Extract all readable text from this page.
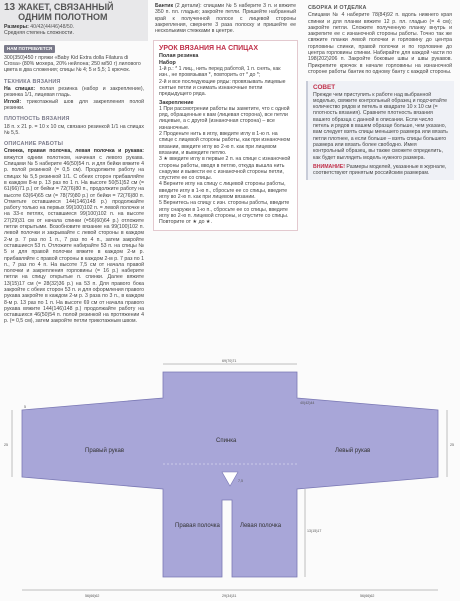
13 ЖАКЕТ, СВЯЗАННЫЙ ОДНИМ ПОЛОТНОМ
Размеры: 40/42(44/46)48/50.
Средняя степень сложности.
НАМ ПОТРЕБУЕТСЯ
300(350)450 г пряжи «Baby Kid Extra dolla Filatura di Crosa» (80% мохера, 20% нейлона; 250 м/50 г) лилового цвета в два сложения; спицы № 4; 5 и 5,5; 1 крючок.
ТЕХНИКА ВЯЗАНИЯ
На спицах: полая резинка (набор и закрепление), резинка 1/1, лицевая гладь.
Иглой: трикотажный шов для закрепления полой резинки.
ПЛОТНОСТЬ ВЯЗАНИЯ
18 п. х 21 р. = 10 х 10 см, связано резинкой 1/1 на спицах № 5,5.
ОПИСАНИЕ РАБОТЫ
Спинка, правая полочка, левая полочка и рукава: вяжутся одним полотном, начиная с левого рукава. Спицами № 5 наберите 46(50)54 п. и для бейки вяжите 4 р. полой резинкой (= 0,5 см). Продолжите работу на спицах № 5,5 резинкой 1/1. С обеих сторон прибавляйте в каждом 8-м р. 13 раз по 1 п. На высоте 50(51)52 см (= 61(66)71 р.) от бейки = 72(76)80 п., продолжите работу на высоте 63(64)65 см (= 78(79)80 р.) от бейки = 72(76)80 п. Отметьте оставшиеся 144(146)148 р.) продолжайте работу только на первых 99(100)102 п. = левой полочке и на 33-х петлях, оставшиеся 99(100)102 п. на высоте 27(29)31 см от начала спинки (=56(60)64 р.) отложите петли открытыми. Возобновите вязание на 99(100)102 п. левой полочки и закрывайте с левой стороны в каждом 2-м р. 7 раз по 1 п., 7 раз по 4 п., затем закройте оставшиеся 53 п. Отложите набирайте 53 п. на спицы № 5 и для правой полочки вяжите в каждом 2-м р. прибавляйте с правой стороны в каждом 2-м р. 7 раз по 1 п., 7 раз по 4 п. На высоте 7,5 см от начала правой полочки и закрепления горловины (= 16 р.) наберите петли на спицу открытые п. спинки. Далее вяжите 13(15)17 см (= 28(32)36 р.) на 53 п. Для правого бока закройте с обеих сторон 53 п. и для оформления правого рукава закройте в каждом 2-м р. 3 раза по 3 п., в каждом 8-м р. 13 раз по 1 п. На высоте 69 см от начала правого рукава вяжите 144(146)148 р.) продолжайте работу на оставшихся 46(50)54 п. полой резинкой на протяжении 4 р. (= 0,5 см), затем закройте петли трикотажным швом.
Бантик (2 детали): спицами № 5 наберите 3 п. и вяжите 350 п. пл. гладью; закройте петли. Пришейте набранный край к полученной полосе с лицевой стороны закрепления, сверните 3 раза полоску и пришейте ее несколькими стежками в центре.
УРОК ВЯЗАНИЯ НА СПИЦАХ
Полая резинка
Набор
1-й р.: * 1 лиц., нить перед работой, 1 п. снять, как изн., не провязывая *, повторить от * до *;
2-й и все последующие ряды: провязывать лицевые снятые петли и снимать изнаночные петли предыдущего ряда.
Закрепление
1 При рассмотрении работы вы заметите, что с одной ряд, обращенные к вам (лицевая сторона), все петли лицевые, а с другой (изнаночная сторона) – все изнаночные.
2 Проденьте нить в иглу, введите иглу в 1-ю п. на спице с лицевой стороны работы, как при изнаночном вязании, введите иглу во 2-ю п. как при лицевом вязании, и выведите петлю.
3 ★ введите иглу в первые 2 п. на спице с изнаночной стороны работы, вводя в петлю, откуда вышла нить снаружи и вывести ее с изнаночной стороны петли, спустите ее со спицы.
4 Верните иглу на спицу с лицевой стороны работы, введите иглу в 1-ю п., сбросьте ее со спицы, введите иглу во 2-ю п. как при лицевом вязании.
5 Вернитесь на спицу с изн. стороны работы, введите иглу снаружи в 1-ю п., сбросьте ее со спицы, введите иглу во 2-ю п. лицевой стороны, и спустите со спицы. Повторите от ★ до ★.
СБОРКА И ОТДЕЛКА
Спицами № 4 наберите 78(84)92 п. вдоль нижнего края спинки и для планки вяжите 12 р. пл. гладью (= 4 см); закройте петли. Сложите полученную планку внутрь и закрепите ее с изнаночной стороны работы. Точно так же свяжите планки левой полочки и горловину до центра горловины спинки, правой полочки и по горловине до центра горловины спинки. Набирайте для каждой части по 198(202)206 п. Закройте боковые швы и швы рукавов. Прикрепите крючок в начале горловины на изнаночной стороне работы бантик по одному банту с каждой стороны.
СОВЕТ
Прежде чем приступить к работе над выбранной моделью, свяжите контрольный образец и подсчитайте количество рядов и петель в квадрате 10 х 10 см (= плотность вязания). Сравните плотность вязания вашего образца с данной в описании. Если число петель и рядов в вашем образце больше, чем указано, вам следует взять спицы меньшего размера или вязать петли плотнее, а если больше – взять спицы большего размера или вязать более свободно. Имея контрольный образец, вы также сможете определить, как будет выглядеть модель нужного размера.
ВНИМАНИЕ! Размеры моделей, указанные в журнале, соответствуют принятым российским размерам.
Спинка
Правый рукав	Левый рукав
Правая полочка	Левая полочка
69(70)71
56(66)62	29(34)31	56(66)62
25	25
13(15)17
7,5
40(42)44
5
